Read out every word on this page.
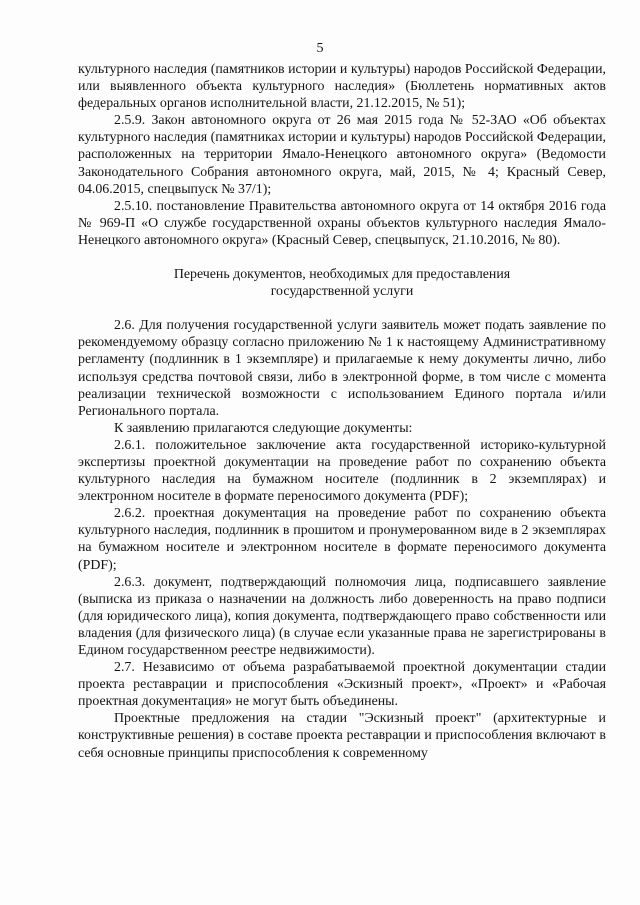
5

культурного наследия (памятников истории и культуры) народов Российской Федерации, или выявленного объекта культурного наследия» (Бюллетень нормативных актов федеральных органов исполнительной власти, 21.12.2015, № 51);

2.5.9. Закон автономного округа от 26 мая 2015 года № 52-ЗАО «Об объектах культурного наследия (памятниках истории и культуры) народов Российской Федерации, расположенных на территории Ямало-Ненецкого автономного округа» (Ведомости Законодательного Собрания автономного округа, май, 2015, № 4; Красный Север, 04.06.2015, спецвыпуск № 37/1);

2.5.10. постановление Правительства автономного округа от 14 октября 2016 года № 969-П «О службе государственной охраны объектов культурного наследия Ямало-Ненецкого автономного округа» (Красный Север, спецвыпуск, 21.10.2016, № 80).

Перечень документов, необходимых для предоставления
государственной услуги

2.6. Для получения государственной услуги заявитель может подать заявление по рекомендуемому образцу согласно приложению № 1 к настоящему Административному регламенту (подлинник в 1 экземпляре) и прилагаемые к нему документы лично, либо используя средства почтовой связи, либо в электронной форме, в том числе с момента реализации технической возможности с использованием Единого портала и/или Регионального портала.

К заявлению прилагаются следующие документы:

2.6.1. положительное заключение акта государственной историко-культурной экспертизы проектной документации на проведение работ по сохранению объекта культурного наследия на бумажном носителе (подлинник в 2 экземплярах) и электронном носителе в формате переносимого документа (PDF);

2.6.2. проектная документация на проведение работ по сохранению объекта культурного наследия, подлинник в прошитом и пронумерованном виде в 2 экземплярах на бумажном носителе и электронном носителе в формате переносимого документа (PDF);

2.6.3. документ, подтверждающий полномочия лица, подписавшего заявление (выписка из приказа о назначении на должность либо доверенность на право подписи (для юридического лица), копия документа, подтверждающего право собственности или владения (для физического лица) (в случае если указанные права не зарегистрированы в Едином государственном реестре недвижимости).

2.7. Независимо от объема разрабатываемой проектной документации стадии проекта реставрации и приспособления «Эскизный проект», «Проект» и «Рабочая проектная документация» не могут быть объединены.

Проектные предложения на стадии "Эскизный проект" (архитектурные и конструктивные решения) в составе проекта реставрации и приспособления включают в себя основные принципы приспособления к современному
